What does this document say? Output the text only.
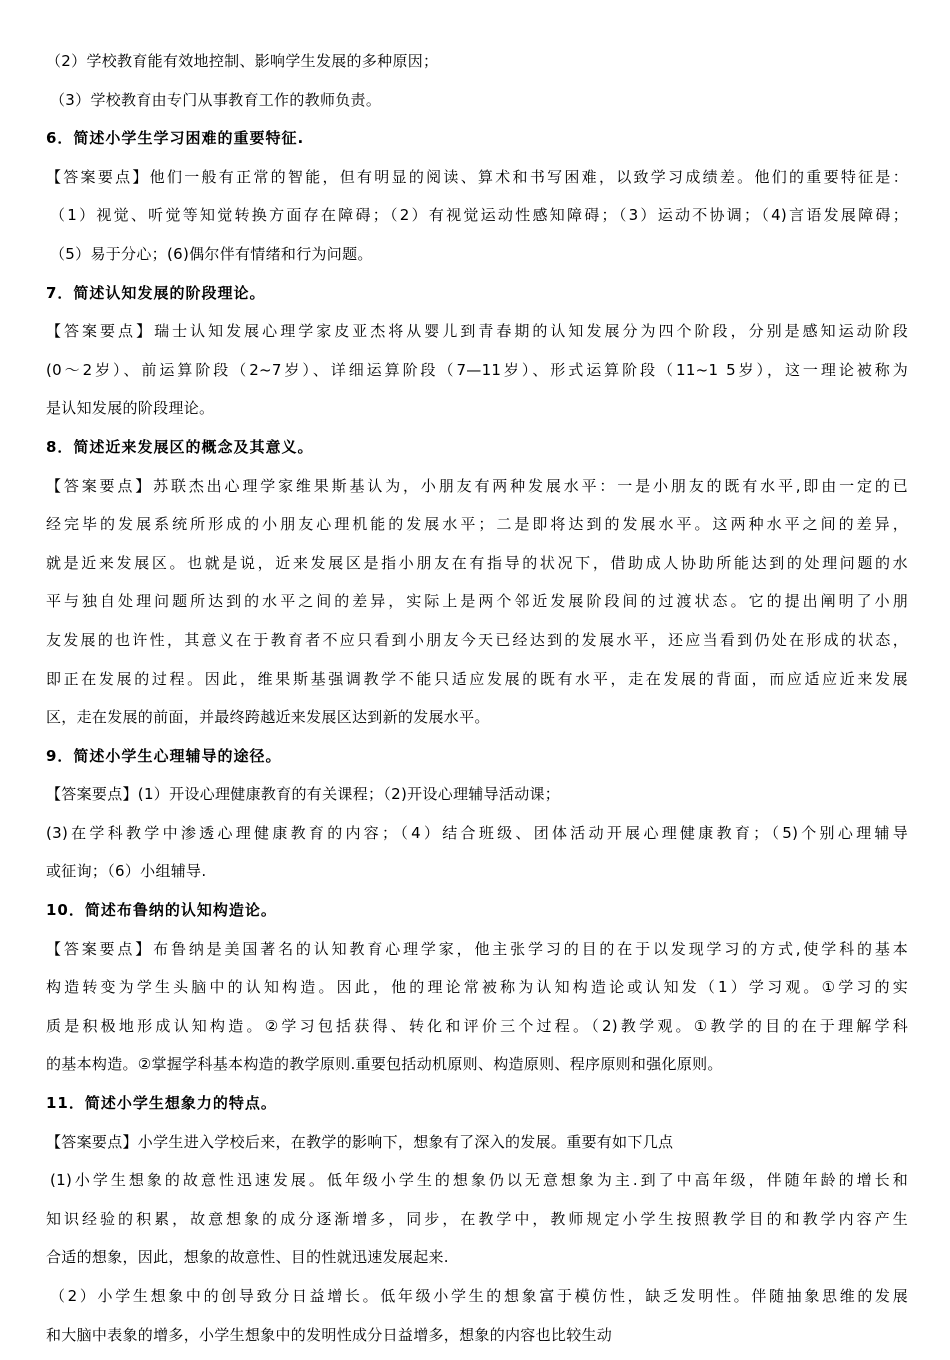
（2）学校教育能有效地控制、影响学生发展的多种原因；
（3）学校教育由专门从事教育工作的教师负责。
6．简述小学生学习困难的重要特征.
【答案要点】他们一般有正常的智能，但有明显的阅读、算术和书写困难，以致学习成绩差。他们的重要特征是：
（1）视觉、听觉等知觉转换方面存在障碍；（2）有视觉运动性感知障碍；（3）运动不协调；（4)言语发展障碍；
（5）易于分心；(6)偶尔伴有情绪和行为问题。
7．简述认知发展的阶段理论。
【答案要点】瑞士认知发展心理学家皮亚杰将从婴儿到青春期的认知发展分为四个阶段，分别是感知运动阶段
(0～2岁）、前运算阶段（2~7岁）、详细运算阶段（7—11岁）、形式运算阶段（11~1 5岁），这一理论被称为
是认知发展的阶段理论。
8．简述近来发展区的概念及其意义。
【答案要点】苏联杰出心理学家维果斯基认为，小朋友有两种发展水平：一是小朋友的既有水平,即由一定的已
经完毕的发展系统所形成的小朋友心理机能的发展水平；二是即将达到的发展水平。这两种水平之间的差异，
就是近来发展区。也就是说，近来发展区是指小朋友在有指导的状况下，借助成人协助所能达到的处理问题的水
平与独自处理问题所达到的水平之间的差异，实际上是两个邻近发展阶段间的过渡状态。它的提出阐明了小朋
友发展的也许性，其意义在于教育者不应只看到小朋友今天已经达到的发展水平，还应当看到仍处在形成的状态，
即正在发展的过程。因此，维果斯基强调教学不能只适应发展的既有水平，走在发展的背面，而应适应近来发展
区，走在发展的前面，并最终跨越近来发展区达到新的发展水平。
9．简述小学生心理辅导的途径。
【答案要点】(1）开设心理健康教育的有关课程；（2)开设心理辅导活动课；
(3)在学科教学中渗透心理健康教育的内容；（4）结合班级、团体活动开展心理健康教育；（5)个别心理辅导
或征询；（6）小组辅导.
10．简述布鲁纳的认知构造论。
【答案要点】布鲁纳是美国著名的认知教育心理学家，他主张学习的目的在于以发现学习的方式,使学科的基本
构造转变为学生头脑中的认知构造。因此，他的理论常被称为认知构造论或认知发（1）学习观。①学习的实
质是积极地形成认知构造。②学习包括获得、转化和评价三个过程。（2)教学观。①教学的目的在于理解学科
的基本构造。②掌握学科基本构造的教学原则.重要包括动机原则、构造原则、程序原则和强化原则。
11．简述小学生想象力的特点。
【答案要点】小学生进入学校后来，在教学的影响下，想象有了深入的发展。重要有如下几点
(1)小学生想象的故意性迅速发展。低年级小学生的想象仍以无意想象为主.到了中高年级，伴随年龄的增长和
知识经验的积累，故意想象的成分逐渐增多，同步，在教学中，教师规定小学生按照教学目的和教学内容产生
合适的想象，因此，想象的故意性、目的性就迅速发展起来.
（2）小学生想象中的创导致分日益增长。低年级小学生的想象富于模仿性，缺乏发明性。伴随抽象思维的发展
和大脑中表象的增多，小学生想象中的发明性成分日益增多，想象的内容也比较生动
